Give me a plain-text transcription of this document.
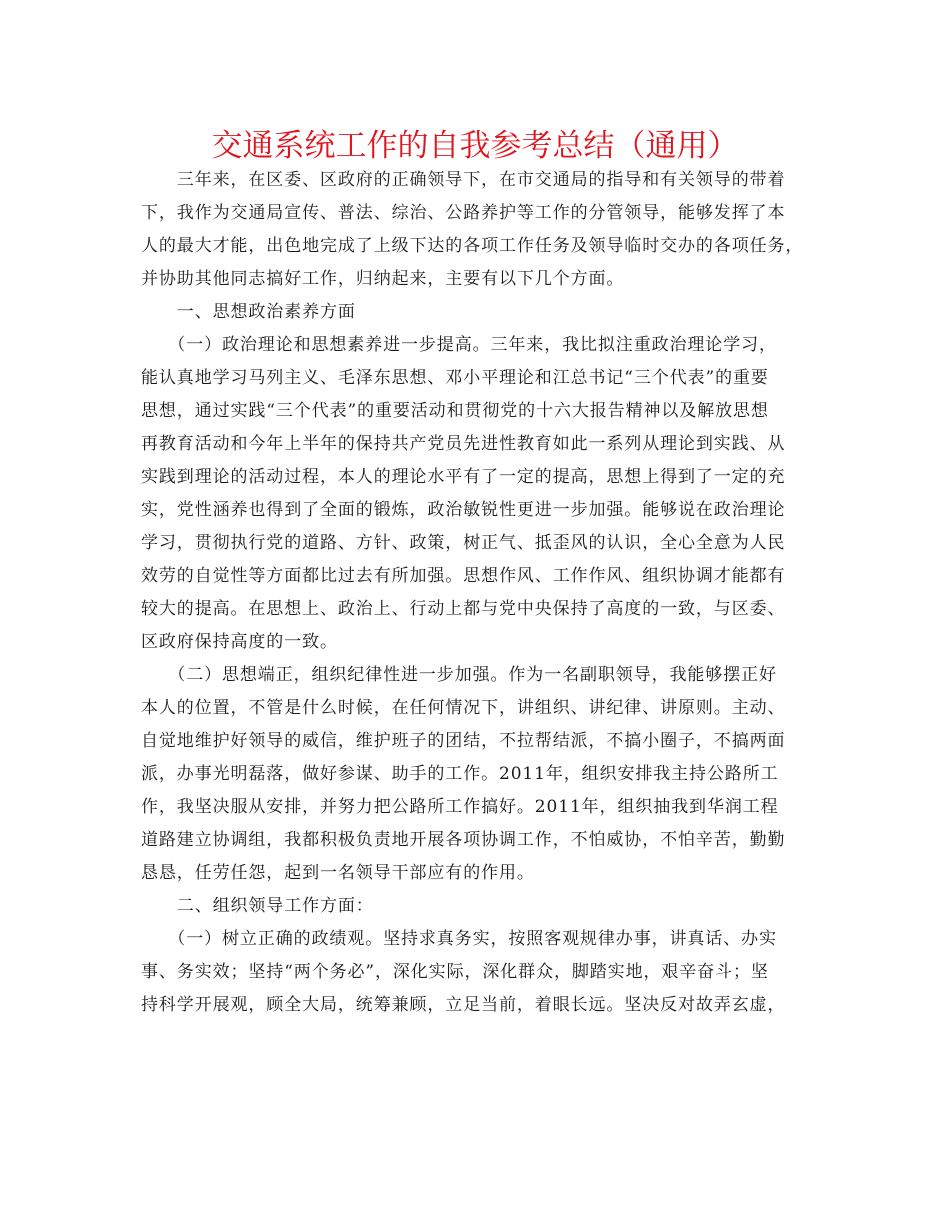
交通系统工作的自我参考总结（通用）
　　三年来，在区委、区政府的正确领导下，在市交通局的指导和有关领导的带着
下，我作为交通局宣传、普法、综治、公路养护等工作的分管领导，能够发挥了本
人的最大才能，出色地完成了上级下达的各项工作任务及领导临时交办的各项任务，
并协助其他同志搞好工作，归纳起来，主要有以下几个方面。
　　一、思想政治素养方面
　　（一）政治理论和思想素养进一步提高。三年来，我比拟注重政治理论学习，
能认真地学习马列主义、毛泽东思想、邓小平理论和江总书记“三个代表”的重要
思想，通过实践“三个代表”的重要活动和贯彻党的十六大报告精神以及解放思想
再教育活动和今年上半年的保持共产党员先进性教育如此一系列从理论到实践、从
实践到理论的活动过程，本人的理论水平有了一定的提高，思想上得到了一定的充
实，党性涵养也得到了全面的锻炼，政治敏锐性更进一步加强。能够说在政治理论
学习，贯彻执行党的道路、方针、政策，树正气、抵歪风的认识，全心全意为人民
效劳的自觉性等方面都比过去有所加强。思想作风、工作作风、组织协调才能都有
较大的提高。在思想上、政治上、行动上都与党中央保持了高度的一致，与区委、
区政府保持高度的一致。
　　（二）思想端正，组织纪律性进一步加强。作为一名副职领导，我能够摆正好
本人的位置，不管是什么时候，在任何情况下，讲组织、讲纪律、讲原则。主动、
自觉地维护好领导的威信，维护班子的团结，不拉帮结派，不搞小圈子，不搞两面
派，办事光明磊落，做好参谋、助手的工作。2011年，组织安排我主持公路所工
作，我坚决服从安排，并努力把公路所工作搞好。2011年，组织抽我到华润工程
道路建立协调组，我都积极负责地开展各项协调工作，不怕威协，不怕辛苦，勤勤
恳恳，任劳任怨，起到一名领导干部应有的作用。
　　二、组织领导工作方面：
　　（一）树立正确的政绩观。坚持求真务实，按照客观规律办事，讲真话、办实
事、务实效；坚持“两个务必”，深化实际，深化群众，脚踏实地，艰辛奋斗；坚
持科学开展观，顾全大局，统筹兼顾，立足当前，着眼长远。坚决反对故弄玄虚，
